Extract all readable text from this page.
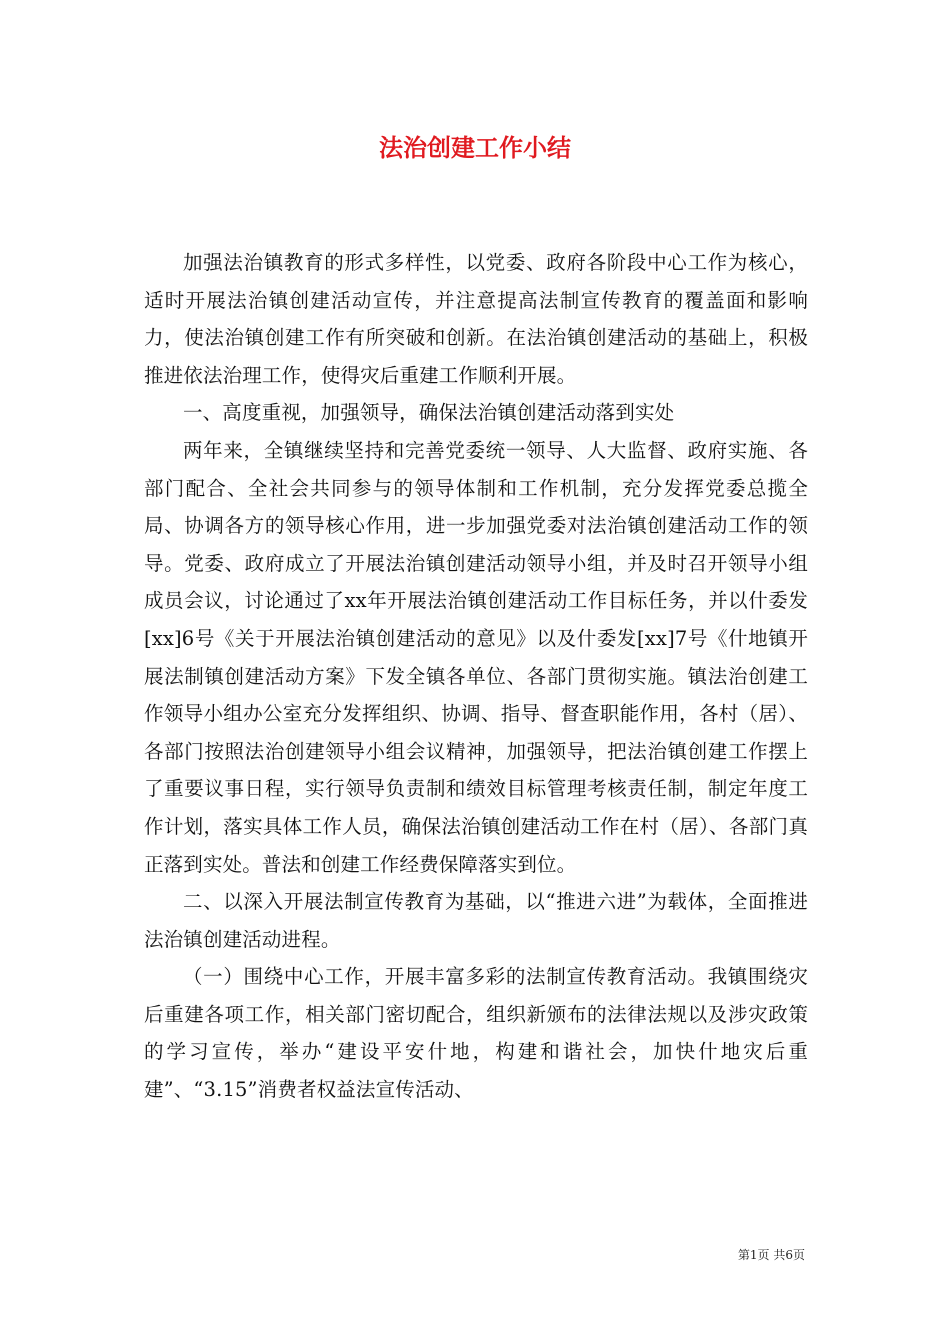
法治创建工作小结

加强法治镇教育的形式多样性，以党委、政府各阶段中心工作为核心，适时开展法治镇创建活动宣传，并注意提高法制宣传教育的覆盖面和影响力，使法治镇创建工作有所突破和创新。在法治镇创建活动的基础上，积极推进依法治理工作，使得灾后重建工作顺利开展。

一、高度重视，加强领导，确保法治镇创建活动落到实处

两年来，全镇继续坚持和完善党委统一领导、人大监督、政府实施、各部门配合、全社会共同参与的领导体制和工作机制，充分发挥党委总揽全局、协调各方的领导核心作用，进一步加强党委对法治镇创建活动工作的领导。党委、政府成立了开展法治镇创建活动领导小组，并及时召开领导小组成员会议，讨论通过了xx年开展法治镇创建活动工作目标任务，并以什委发[xx]6号《关于开展法治镇创建活动的意见》以及什委发[xx]7号《什地镇开展法制镇创建活动方案》下发全镇各单位、各部门贯彻实施。镇法治创建工作领导小组办公室充分发挥组织、协调、指导、督查职能作用，各村（居）、各部门按照法治创建领导小组会议精神，加强领导，把法治镇创建工作摆上了重要议事日程，实行领导负责制和绩效目标管理考核责任制，制定年度工作计划，落实具体工作人员，确保法治镇创建活动工作在村（居）、各部门真正落到实处。普法和创建工作经费保障落实到位。

二、以深入开展法制宣传教育为基础，以“推进六进”为载体，全面推进法治镇创建活动进程。

（一）围绕中心工作，开展丰富多彩的法制宣传教育活动。我镇围绕灾后重建各项工作，相关部门密切配合，组织新颁布的法律法规以及涉灾政策的学习宣传，举办“建设平安什地，构建和谐社会，加快什地灾后重建”、“3.15”消费者权益法宣传活动、

第1页 共6页
